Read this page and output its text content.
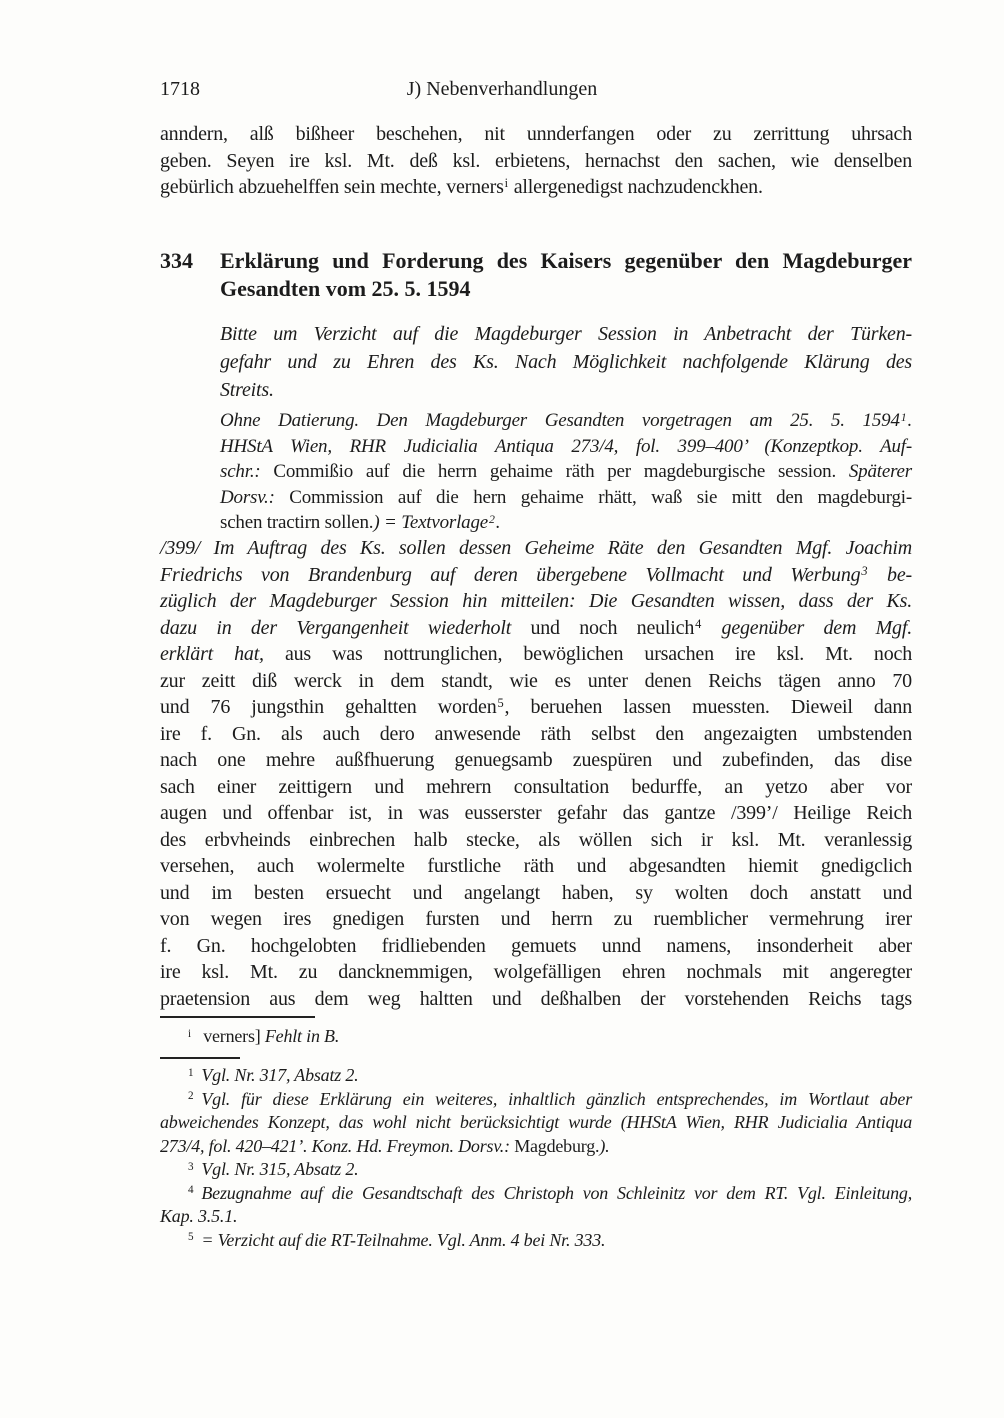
1718	J) Nebenverhandlungen
anndern, alß bißheer beschehen, nit unnderfangen oder zu zerrittung uhrsach
geben. Seyen ire ksl. Mt. deß ksl. erbietens, hernachst den sachen, wie denselben
gebürlich abzuehelffen sein mechte, verners$^i$ allergenedigst nachzudenckhen.
334	Erklärung und Forderung des Kaisers gegenüber den Magdeburger
Gesandten vom 25. 5. 1594
Bitte um Verzicht auf die Magdeburger Session in Anbetracht der Türken-
gefahr und zu Ehren des Ks. Nach Möglichkeit nachfolgende Klärung des
Streits.
Ohne Datierung. Den Magdeburger Gesandten vorgetragen am 25. 5. 1594$^1$.
HHStA Wien, RHR Judicialia Antiqua 273/4, fol. 399–400’ (Konzeptkop. Auf-
schr.: Commißio auf die herrn gehaime räth per magdeburgische session. Späterer
Dorsv.: Commission auf die hern gehaime rhätt, waß sie mitt den magdeburgi-
schen tractirn sollen.) = Textvorlage$^2$.
/399/ Im Auftrag des Ks. sollen dessen Geheime Räte den Gesandten Mgf. Joachim
Friedrichs von Brandenburg auf deren übergebene Vollmacht und Werbung$^3$ be-
züglich der Magdeburger Session hin mitteilen: Die Gesandten wissen, dass der Ks.
dazu in der Vergangenheit wiederholt und noch neulich$^4$ gegenüber dem Mgf.
erklärt hat, aus was nottrunglichen, bewöglichen ursachen ire ksl. Mt. noch
zur zeitt diß werck in dem standt, wie es unter denen Reichs tägen anno 70
und 76 jungsthin gehaltten worden$^5$, beruehen lassen muessten. Dieweil dann
ire f. Gn. als auch dero anwesende räth selbst den angezaigten umbstenden
nach one mehre außfhuerung genuegsamb zuespüren und zubefinden, das dise
sach einer zeittigern und mehrern consultation bedurffe, an yetzo aber vor
augen und offenbar ist, in was eusserster gefahr das gantze /399’/ Heilige Reich
des erbvheinds einbrechen halb stecke, als wöllen sich ir ksl. Mt. veranlessig
versehen, auch wolermelte furstliche räth und abgesandten hiemit gnedigclich
und im besten ersuecht und angelangt haben, sy wolten doch anstatt und
von wegen ires gnedigen fursten und herrn zu ruemblicher vermehrung irer
f. Gn. hochgelobten fridliebenden gemuets unnd namens, insonderheit aber
ire ksl. Mt. zu dancknemmigen, wolgefälligen ehren nochmals mit angeregter
praetension aus dem weg haltten und deßhalben der vorstehenden Reichs tags
$^i$ verners] Fehlt in B.
$^1$ Vgl. Nr. 317, Absatz 2.
$^2$ Vgl. für diese Erklärung ein weiteres, inhaltlich gänzlich entsprechendes, im Wortlaut aber
abweichendes Konzept, das wohl nicht berücksichtigt wurde (HHStA Wien, RHR Judicialia Antiqua
273/4, fol. 420–421’. Konz. Hd. Freymon. Dorsv.: Magdeburg.).
$^3$ Vgl. Nr. 315, Absatz 2.
$^4$ Bezugnahme auf die Gesandtschaft des Christoph von Schleinitz vor dem RT. Vgl. Einleitung,
Kap. 3.5.1.
$^5$ = Verzicht auf die RT-Teilnahme. Vgl. Anm. 4 bei Nr. 333.
